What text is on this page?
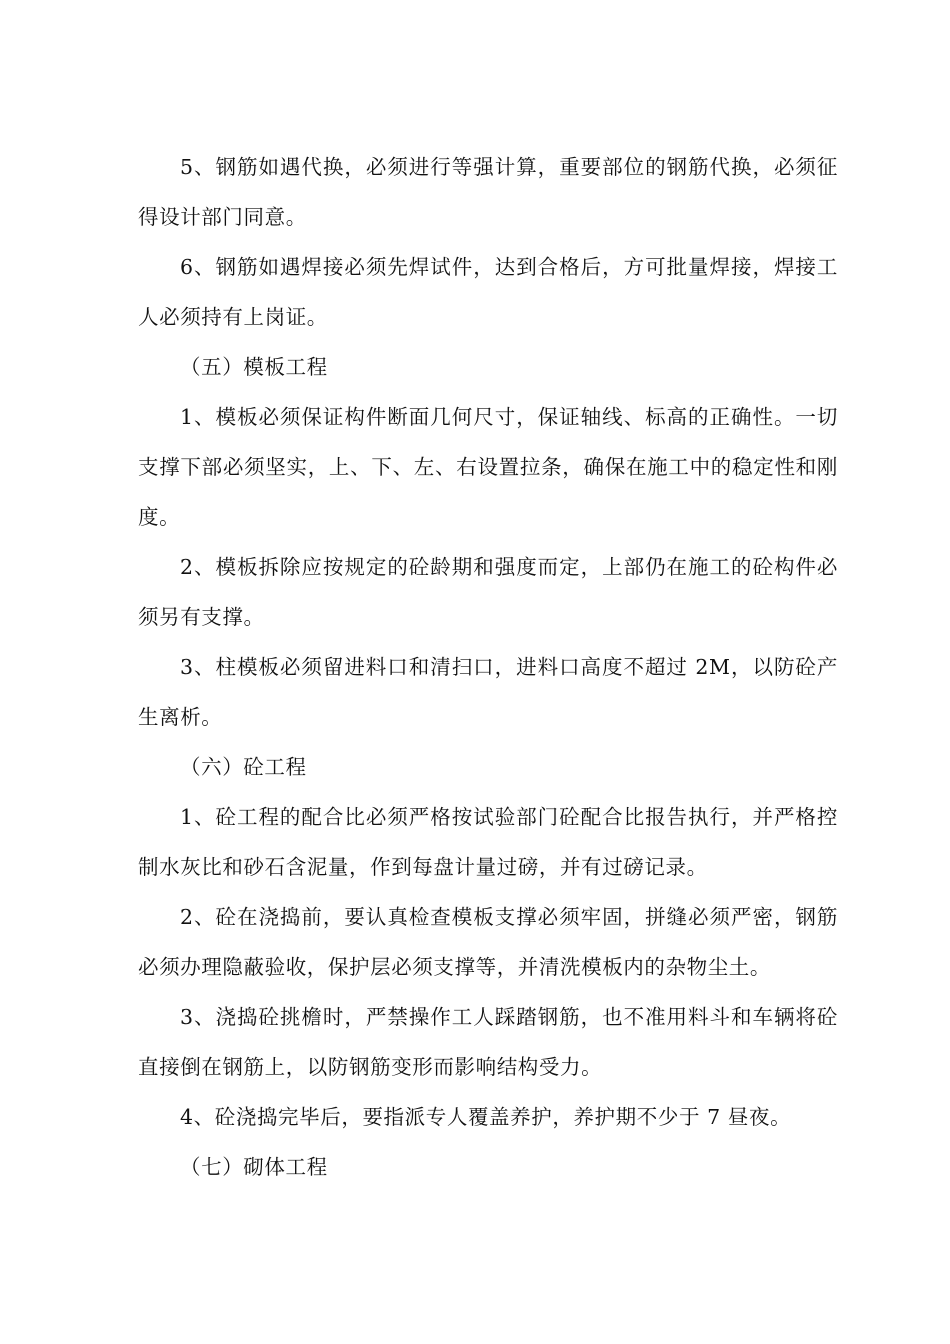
5、钢筋如遇代换，必须进行等强计算，重要部位的钢筋代换，必须征得设计部门同意。

6、钢筋如遇焊接必须先焊试件，达到合格后，方可批量焊接，焊接工人必须持有上岗证。

（五）模板工程

1、模板必须保证构件断面几何尺寸，保证轴线、标高的正确性。一切支撑下部必须坚实，上、下、左、右设置拉条，确保在施工中的稳定性和刚度。

2、模板拆除应按规定的砼龄期和强度而定，上部仍在施工的砼构件必须另有支撑。

3、柱模板必须留进料口和清扫口，进料口高度不超过 2M，以防砼产生离析。

（六）砼工程

1、砼工程的配合比必须严格按试验部门砼配合比报告执行，并严格控制水灰比和砂石含泥量，作到每盘计量过磅，并有过磅记录。

2、砼在浇捣前，要认真检查模板支撑必须牢固，拼缝必须严密，钢筋必须办理隐蔽验收，保护层必须支撑等，并清洗模板内的杂物尘土。

3、浇捣砼挑檐时，严禁操作工人踩踏钢筋，也不准用料斗和车辆将砼直接倒在钢筋上，以防钢筋变形而影响结构受力。

4、砼浇捣完毕后，要指派专人覆盖养护，养护期不少于 7 昼夜。

（七）砌体工程
